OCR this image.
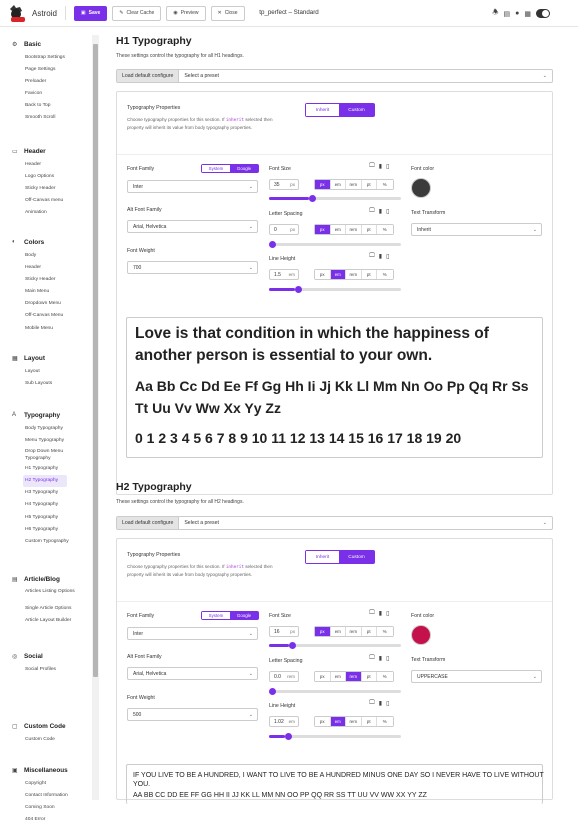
Astroid	▣ Save	✎ Clear Cache	◉ Preview	✕ Close	tp_perfect – Standard	🕭 ▤ ● ▦
⚙	Basic
Bootstrap Settings
Page Settings
Preloader
Favicon
Back to Top
Smooth Scroll
▭ Header
Header
Logo Options
Sticky Header
Off-Canvas menu
Animation
◐	Colors
Body
Header
Sticky Header
Main Menu
Dropdown Menu
Off-Canvas Menu
Mobile Menu
▦ Layout
Layout
Sub Layouts
A	Typography
Body Typography
Menu Typography
Drop Down Menu Typography
H1 Typography
H2 Typography
H3 Typography
H4 Typography
H5 Typography
H6 Typography
Custom Typography
▤ Article/Blog
Articles Listing Options
Single Article Options
Article Layout Builder
◎	Social
Social Profiles
▢ Custom Code
Custom Code
▣ Miscellaneous
Copyright
Contact Information
Coming Soon
404 Error
H1 Typography
These settings control the typography for all H1 headings.
Load default configure	Select a preset	⌄
Typography Properties
Choose typography properties for this section. If inherit selected then property will inherit its value from body typography properties.
Inherit	Custom
Font Family	System	Google
Inter	⌄
Alt Font Family
Arial, Helvetica	⌄
Font Weight
700	⌄
Font Size	🖵 ▮ ▯
35 px	px	em	rem	pt	%
Letter Spacing	🖵 ▮ ▯
0	px	px	em	rem	pt	%
Line Height	🖵 ▮ ▯
1.5 em	px	em	rem	pt	%
Font color
Text Transform
Inherit	⌄
Love is that condition in which the happiness of another person is essential to your own.
Aa Bb Cc Dd Ee Ff Gg Hh Ii Jj Kk Ll Mm Nn Oo Pp Qq Rr Ss Tt Uu Vv Ww Xx Yy Zz
0 1 2 3 4 5 6 7 8 9 10 11 12 13 14 15 16 17 18 19 20
H2 Typography
These settings control the typography for all H2 headings.
Load default configure	Select a preset	⌄
Typography Properties
Choose typography properties for this section. If inherit selected then property will inherit its value from body typography properties.
Inherit	Custom
Font Family	System	Google
Inter	⌄
Alt Font Family
Arial, Helvetica	⌄
Font Weight
500	⌄
Font Size	🖵 ▮ ▯
16 px	px	em	rem	pt	%
Letter Spacing	🖵 ▮ ▯
0.0 rem	px	em	rem	pt	%
Line Height	🖵 ▮ ▯
1.02 em	px	em	rem	pt	%
Font color
Text Transform
UPPERCASE	⌄
IF YOU LIVE TO BE A HUNDRED, I WANT TO LIVE TO BE A HUNDRED MINUS ONE DAY SO I NEVER HAVE TO LIVE WITHOUT YOU.
AA BB CC DD EE FF GG HH II JJ KK LL MM NN OO PP QQ RR SS TT UU VV WW XX YY ZZ
